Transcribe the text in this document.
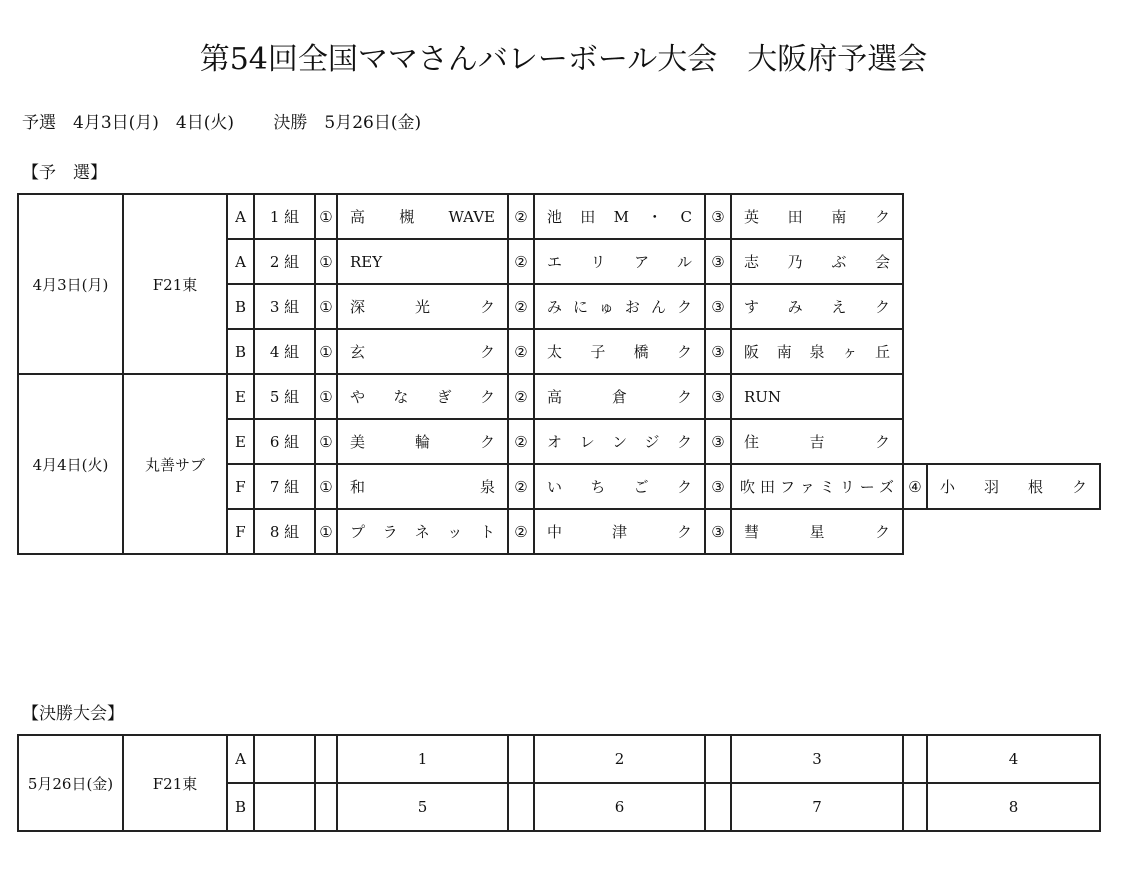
第54回全国ママさんバレーボール大会　大阪府予選会
予選　4月3日(月)　4日(火)　　 決勝　5月26日(金)
【予　選】
4月3日(月)	F21東	A	1 組	①	高槻WAVE	②	池田M・C	③	英田南ク		
		A	2 組	①	REY	②	エリアル	③	志乃ぶ会		
		B	3 組	①	深光ク	②	みにゅおんク	③	すみえク		
		B	4 組	①	玄ク	②	太子橋ク	③	阪南泉ヶ丘		
4月4日(火)	丸善サブ	E	5 組	①	やなぎク	②	高倉ク	③	RUN		
		E	6 組	①	美輪ク	②	オレンジク	③	住吉ク		
		F	7 組	①	和泉	②	いちごク	③	吹田ファミリーズ	④	小羽根ク
		F	8 組	①	プラネット	②	中津ク	③	彗星ク		
【決勝大会】
5月26日(金)	F21東	A			1		2		3		4
		B			5		6		7		8
